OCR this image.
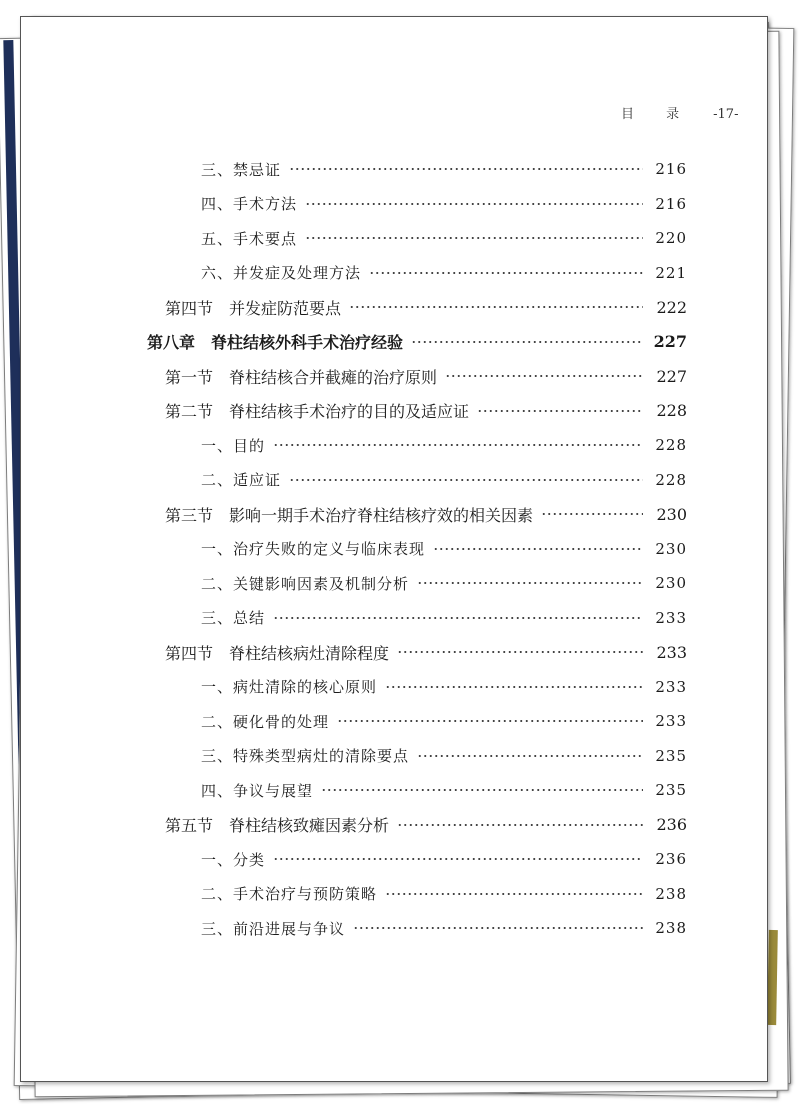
目 录 -17-
三、禁忌证	216
四、手术方法	216
五、手术要点	220
六、并发症及处理方法	221
第四节 并发症防范要点	222
第八章 脊柱结核外科手术治疗经验	227
第一节 脊柱结核合并截瘫的治疗原则	227
第二节 脊柱结核手术治疗的目的及适应证	228
一、目的	228
二、适应证	228
第三节 影响一期手术治疗脊柱结核疗效的相关因素	230
一、治疗失败的定义与临床表现	230
二、关键影响因素及机制分析	230
三、总结	233
第四节 脊柱结核病灶清除程度	233
一、病灶清除的核心原则	233
二、硬化骨的处理	233
三、特殊类型病灶的清除要点	235
四、争议与展望	235
第五节 脊柱结核致瘫因素分析	236
一、分类	236
二、手术治疗与预防策略	238
三、前沿进展与争议	238
